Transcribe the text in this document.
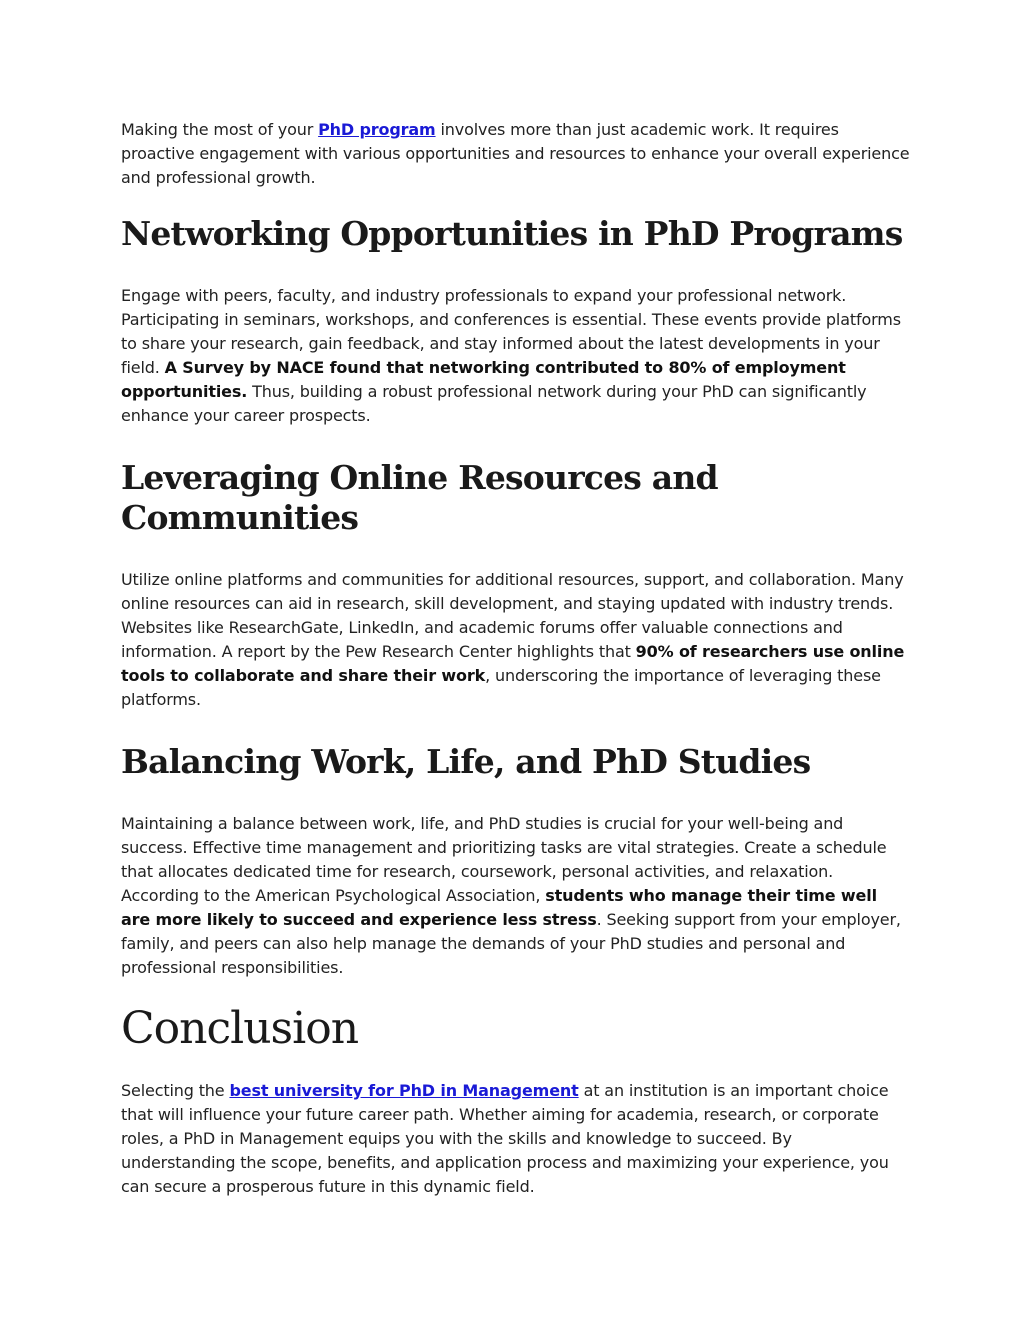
Making the most of your PhD program involves more than just academic work. It requires proactive engagement with various opportunities and resources to enhance your overall experience and professional growth.

Networking Opportunities in PhD Programs

Engage with peers, faculty, and industry professionals to expand your professional network. Participating in seminars, workshops, and conferences is essential. These events provide platforms to share your research, gain feedback, and stay informed about the latest developments in your field. A Survey by NACE found that networking contributed to 80% of employment opportunities. Thus, building a robust professional network during your PhD can significantly enhance your career prospects.

Leveraging Online Resources and Communities

Utilize online platforms and communities for additional resources, support, and collaboration. Many online resources can aid in research, skill development, and staying updated with industry trends. Websites like ResearchGate, LinkedIn, and academic forums offer valuable connections and information. A report by the Pew Research Center highlights that 90% of researchers use online tools to collaborate and share their work, underscoring the importance of leveraging these platforms.

Balancing Work, Life, and PhD Studies

Maintaining a balance between work, life, and PhD studies is crucial for your well-being and success. Effective time management and prioritizing tasks are vital strategies. Create a schedule that allocates dedicated time for research, coursework, personal activities, and relaxation. According to the American Psychological Association, students who manage their time well are more likely to succeed and experience less stress. Seeking support from your employer, family, and peers can also help manage the demands of your PhD studies and personal and professional responsibilities.

Conclusion

Selecting the best university for PhD in Management at an institution is an important choice that will influence your future career path. Whether aiming for academia, research, or corporate roles, a PhD in Management equips you with the skills and knowledge to succeed. By understanding the scope, benefits, and application process and maximizing your experience, you can secure a prosperous future in this dynamic field.
